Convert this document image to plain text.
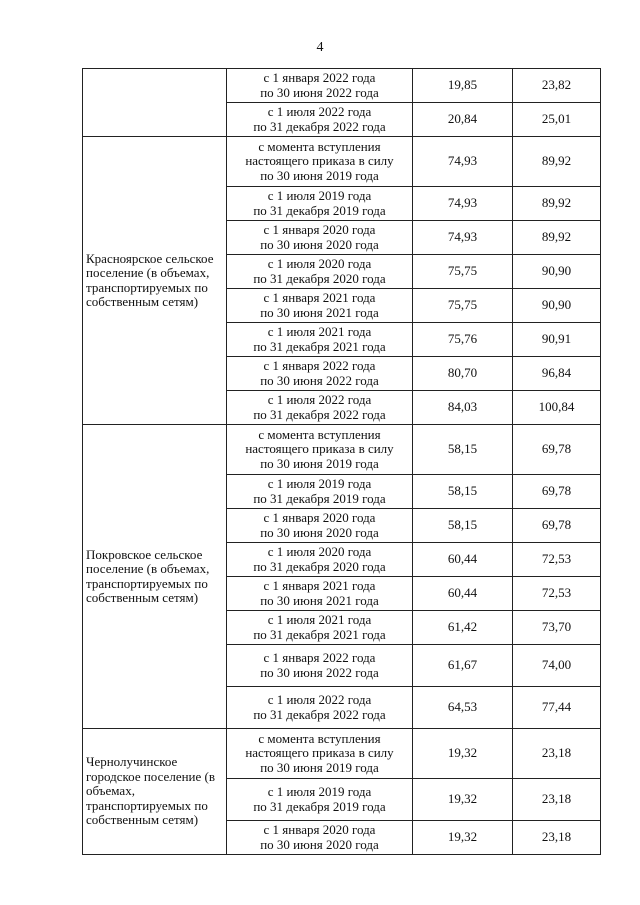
4

	с 1 января 2022 года
по 30 июня 2022 года	19,85	23,82

	с 1 июля 2022 года
по 31 декабря 2022 года	20,84	25,01
Красноярское сельское поселение (в объемах, транспортируемых по собственным сетям)	с момента вступления
настоящего приказа в силу
по 30 июня 2019 года	74,93	89,92

	с 1 июля 2019 года
по 31 декабря 2019 года	74,93	89,92

	с 1 января 2020 года
по 30 июня 2020 года	74,93	89,92

	с 1 июля 2020 года
по 31 декабря 2020 года	75,75	90,90

	с 1 января 2021 года
по 30 июня 2021 года	75,75	90,90

	с 1 июля 2021 года
по 31 декабря 2021 года	75,76	90,91

	с 1 января 2022 года
по 30 июня 2022 года	80,70	96,84

	с 1 июля 2022 года
по 31 декабря 2022 года	84,03	100,84
Покровское сельское поселение (в объемах, транспортируемых по собственным сетям)	с момента вступления
настоящего приказа в силу
по 30 июня 2019 года	58,15	69,78

	с 1 июля 2019 года
по 31 декабря 2019 года	58,15	69,78

	с 1 января 2020 года
по 30 июня 2020 года	58,15	69,78

	с 1 июля 2020 года
по 31 декабря 2020 года	60,44	72,53

	с 1 января 2021 года
по 30 июня 2021 года	60,44	72,53

	с 1 июля 2021 года
по 31 декабря 2021 года	61,42	73,70

	с 1 января 2022 года
по 30 июня 2022 года	61,67	74,00

	с 1 июля 2022 года
по 31 декабря 2022 года	64,53	77,44
Чернолучинское городское поселение (в объемах, транспортируемых по собственным сетям)	с момента вступления
настоящего приказа в силу
по 30 июня 2019 года	19,32	23,18

	с 1 июля 2019 года
по 31 декабря 2019 года	19,32	23,18

	с 1 января 2020 года
по 30 июня 2020 года	19,32	23,18
